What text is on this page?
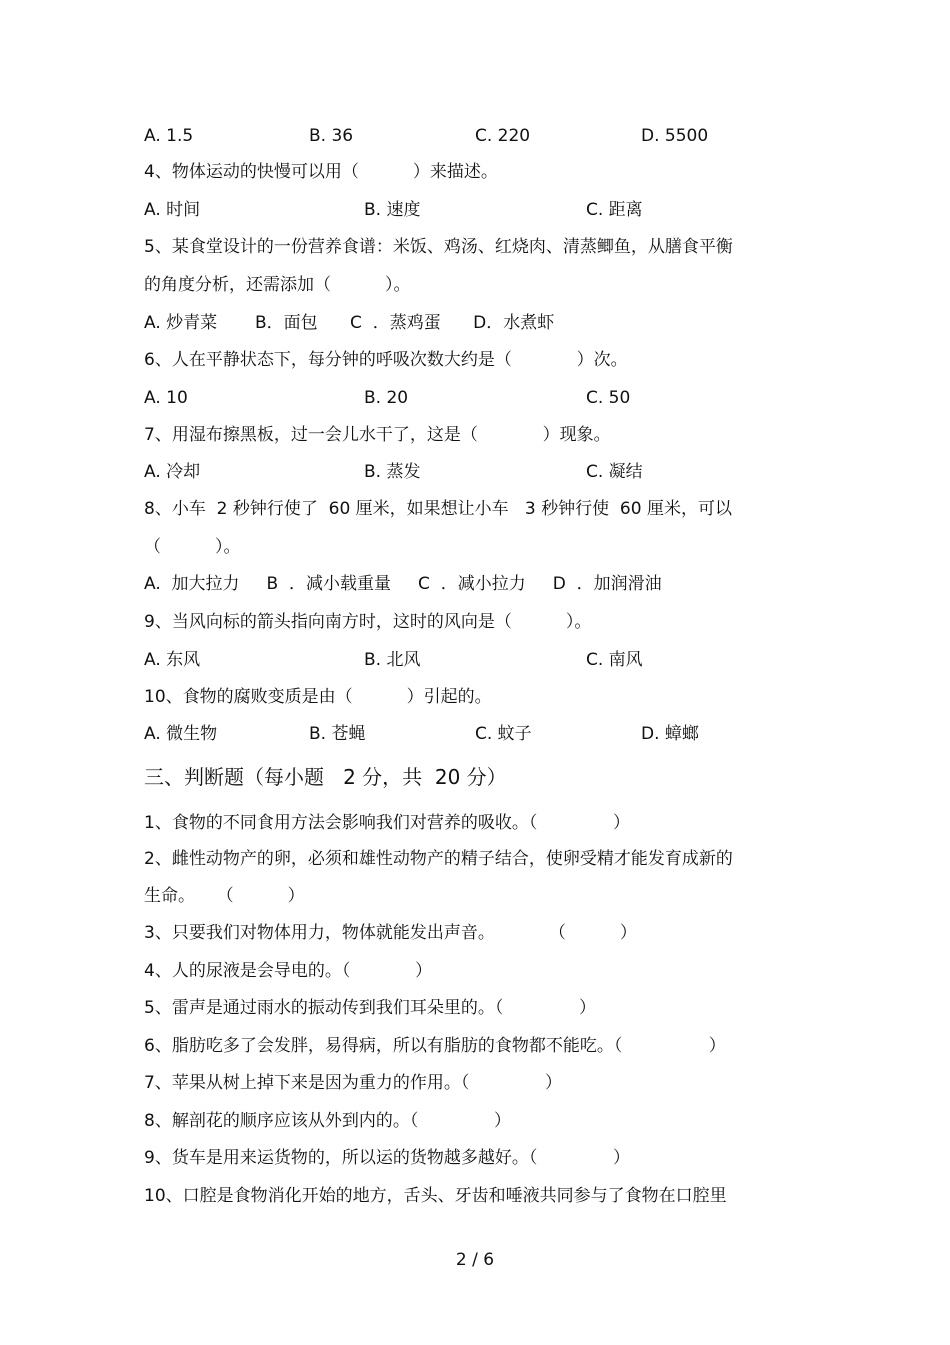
A. 1.5	B. 36	C. 220	D. 5500
4、物体运动的快慢可以用（          ）来描述。
A. 时间	B. 速度	C. 距离
5、某食堂设计的一份营养食谱：米饭、鸡汤、红烧肉、清蒸鲫鱼，从膳食平衡
的角度分析，还需添加（          ）。
A. 炒青菜       B．面包      C  ．蒸鸡蛋      D．水煮虾
6、人在平静状态下，每分钟的呼吸次数大约是（            ）次。
A. 10	B. 20	C. 50
7、用湿布擦黑板，过一会儿水干了，这是（            ）现象。
A. 冷却	B. 蒸发	C. 凝结
8、小车  2 秒钟行使了  60 厘米，如果想让小车   3 秒钟行使  60 厘米，可以
（          ）。
A.  加大拉力     B  ．减小载重量     C  ．减小拉力     D  ．加润滑油
9、当风向标的箭头指向南方时，这时的风向是（          ）。
A. 东风	B. 北风	C. 南风
10、食物的腐败变质是由（          ）引起的。
A. 微生物	B. 苍蝇	C. 蚊子	D. 蟑螂
三、判断题（每小题   2 分，共  20 分）
1、食物的不同食用方法会影响我们对营养的吸收。（              ）
2、雌性动物产的卵，必须和雄性动物产的精子结合，使卵受精才能发育成新的
生命。    （          ）
3、只要我们对物体用力，物体就能发出声音。          （          ）
4、人的尿液是会导电的。（            ）
5、雷声是通过雨水的振动传到我们耳朵里的。（              ）
6、脂肪吃多了会发胖，易得病，所以有脂肪的食物都不能吃。（                ）
7、苹果从树上掉下来是因为重力的作用。（              ）
8、解剖花的顺序应该从外到内的。（              ）
9、货车是用来运货物的，所以运的货物越多越好。（              ）
10、口腔是食物消化开始的地方，舌头、牙齿和唾液共同参与了食物在口腔里
2 / 6
